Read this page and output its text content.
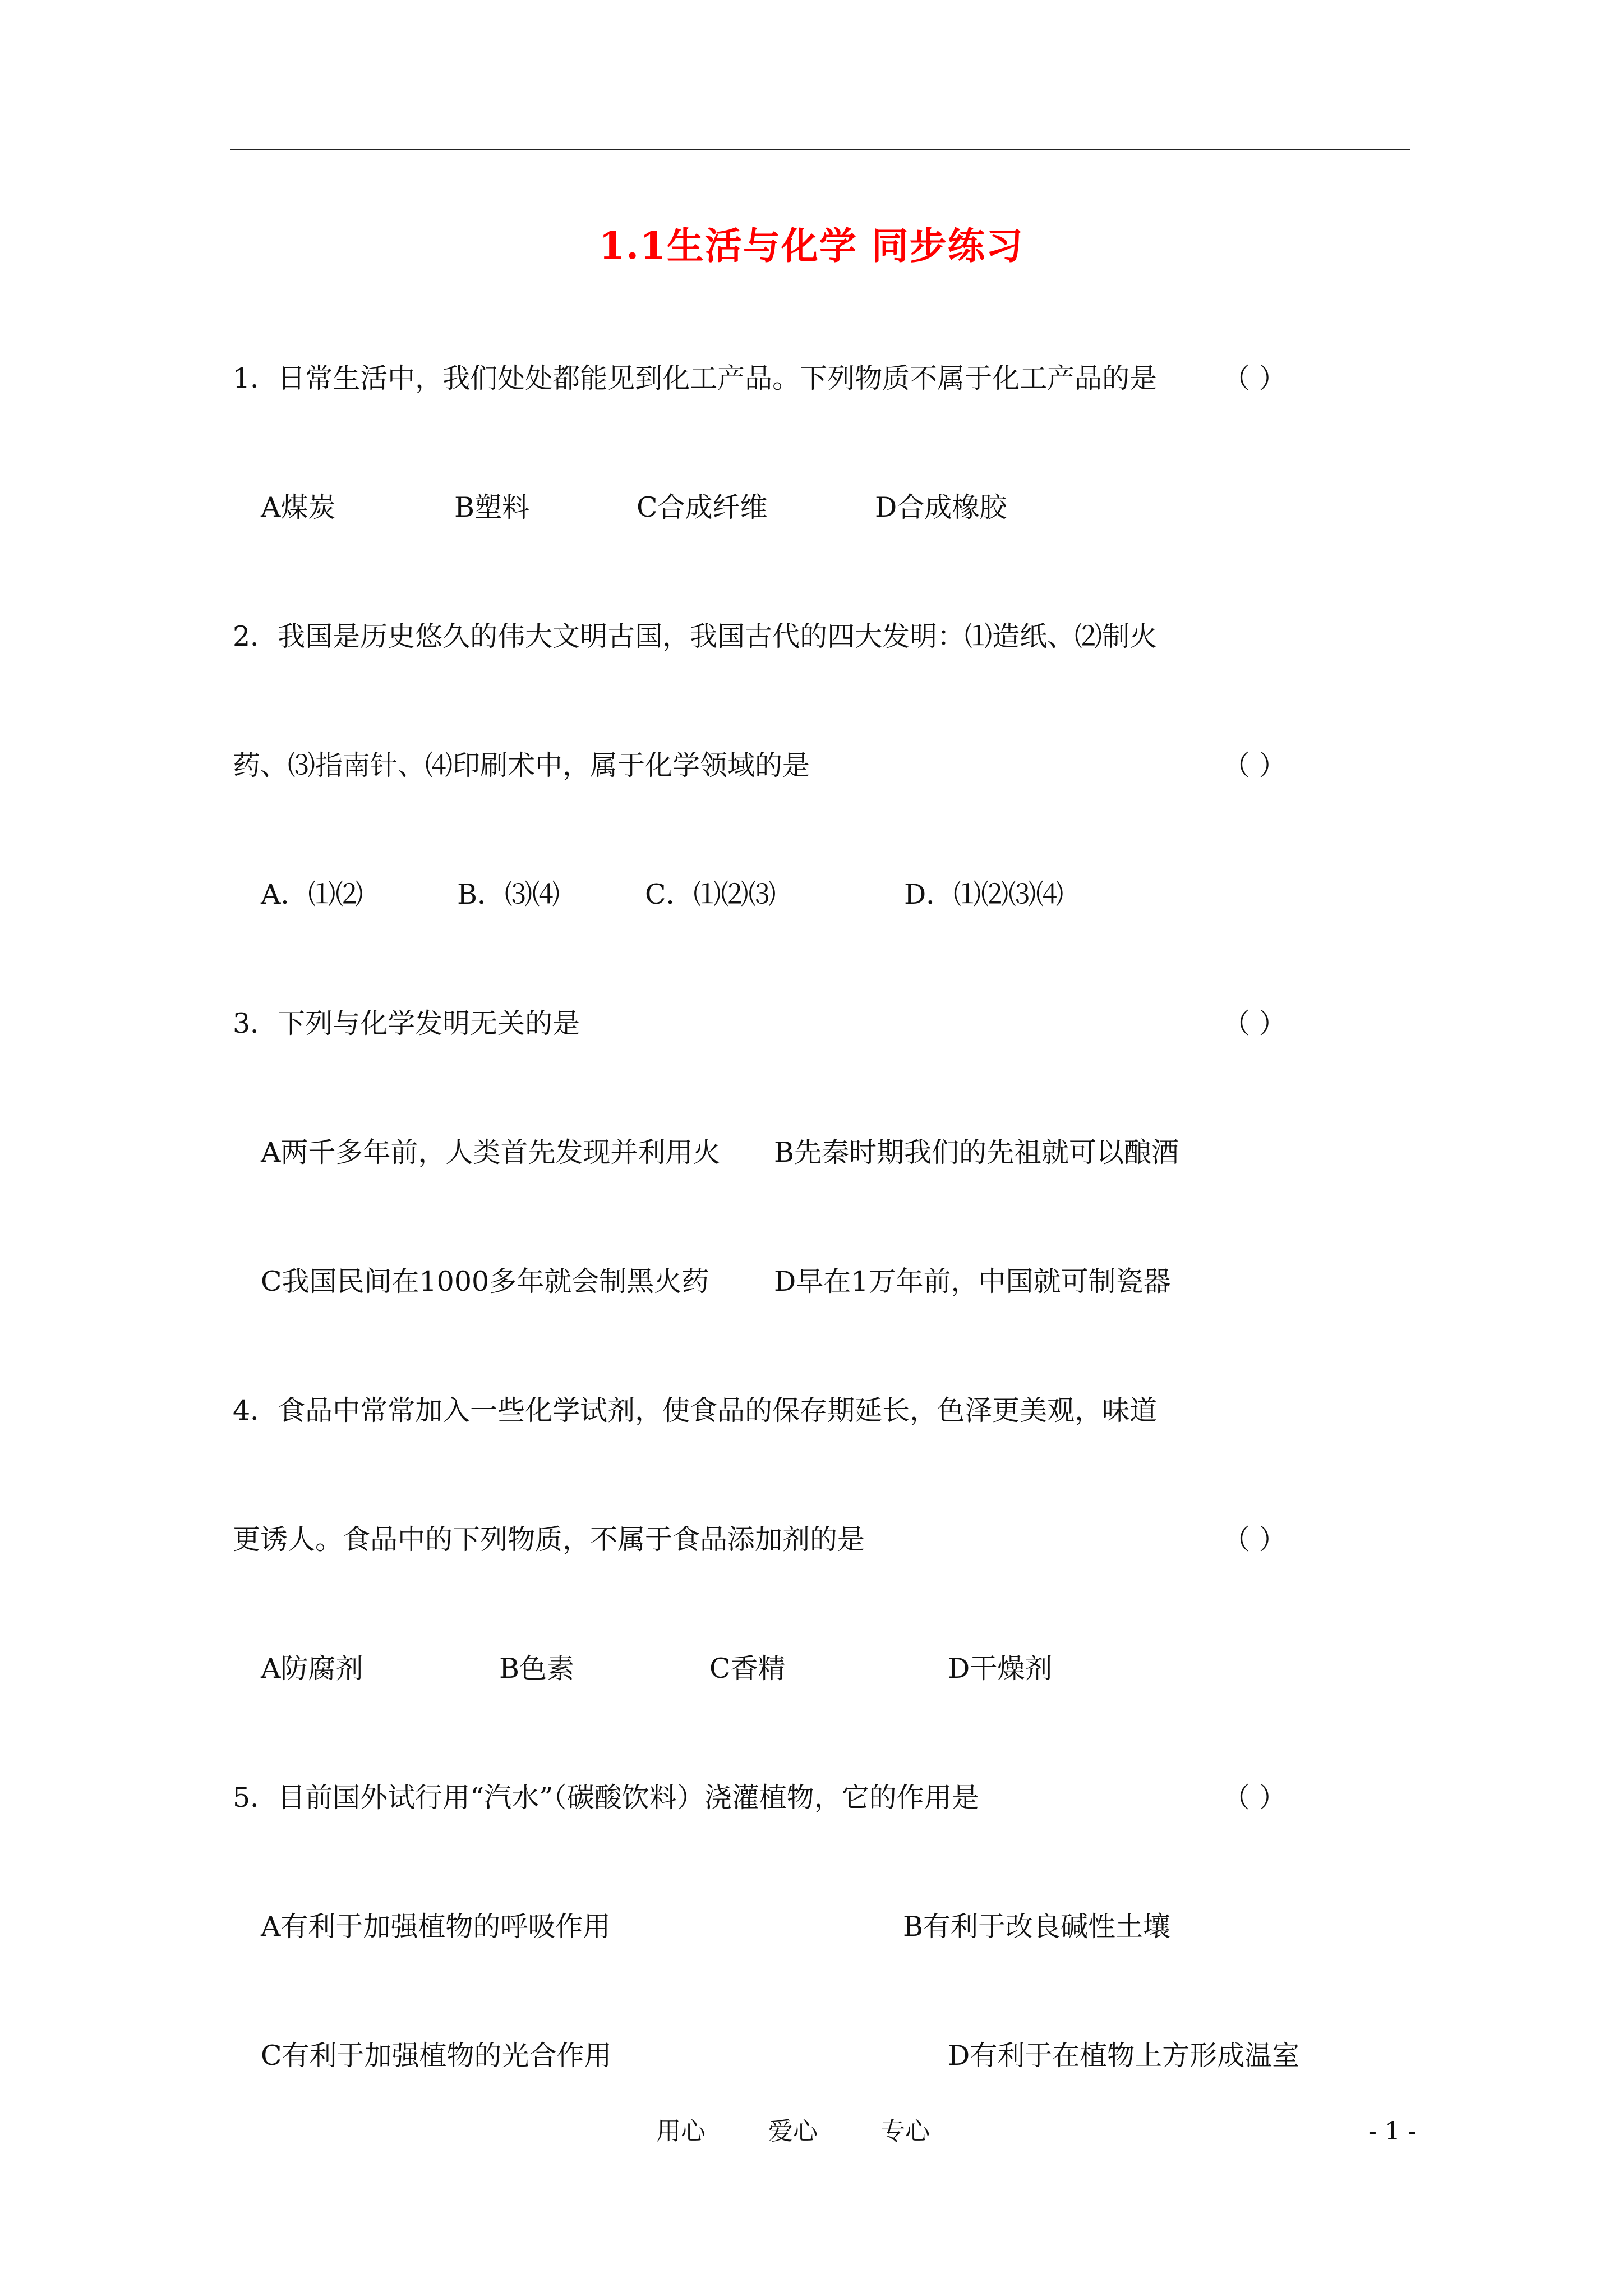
1.1生活与化学 同步练习
1．日常生活中，我们处处都能见到化工产品。下列物质不属于化工产品的是 （ ）
A煤炭	B塑料	C合成纤维	D合成橡胶
2．我国是历史悠久的伟大文明古国，我国古代的四大发明：⑴造纸、⑵制火
药、⑶指南针、⑷印刷术中，属于化学领域的是	（ ）
A．⑴⑵	B．⑶⑷	C．⑴⑵⑶	D．⑴⑵⑶⑷
3．下列与化学发明无关的是	（ ）
A两千多年前，人类首先发现并利用火 B先秦时期我们的先祖就可以酿酒
C我国民间在1000多年就会制黑火药 D早在1万年前，中国就可制瓷器
4．食品中常常加入一些化学试剂，使食品的保存期延长，色泽更美观，味道
更诱人。食品中的下列物质，不属于食品添加剂的是	（ ）
A防腐剂	B色素	C香精	D干燥剂
5．目前国外试行用“汽水”（碳酸饮料）浇灌植物，它的作用是	（ ）
A有利于加强植物的呼吸作用	B有利于改良碱性土壤
C有利于加强植物的光合作用	D有利于在植物上方形成温室
用心	爱心	专心	- 1 -
